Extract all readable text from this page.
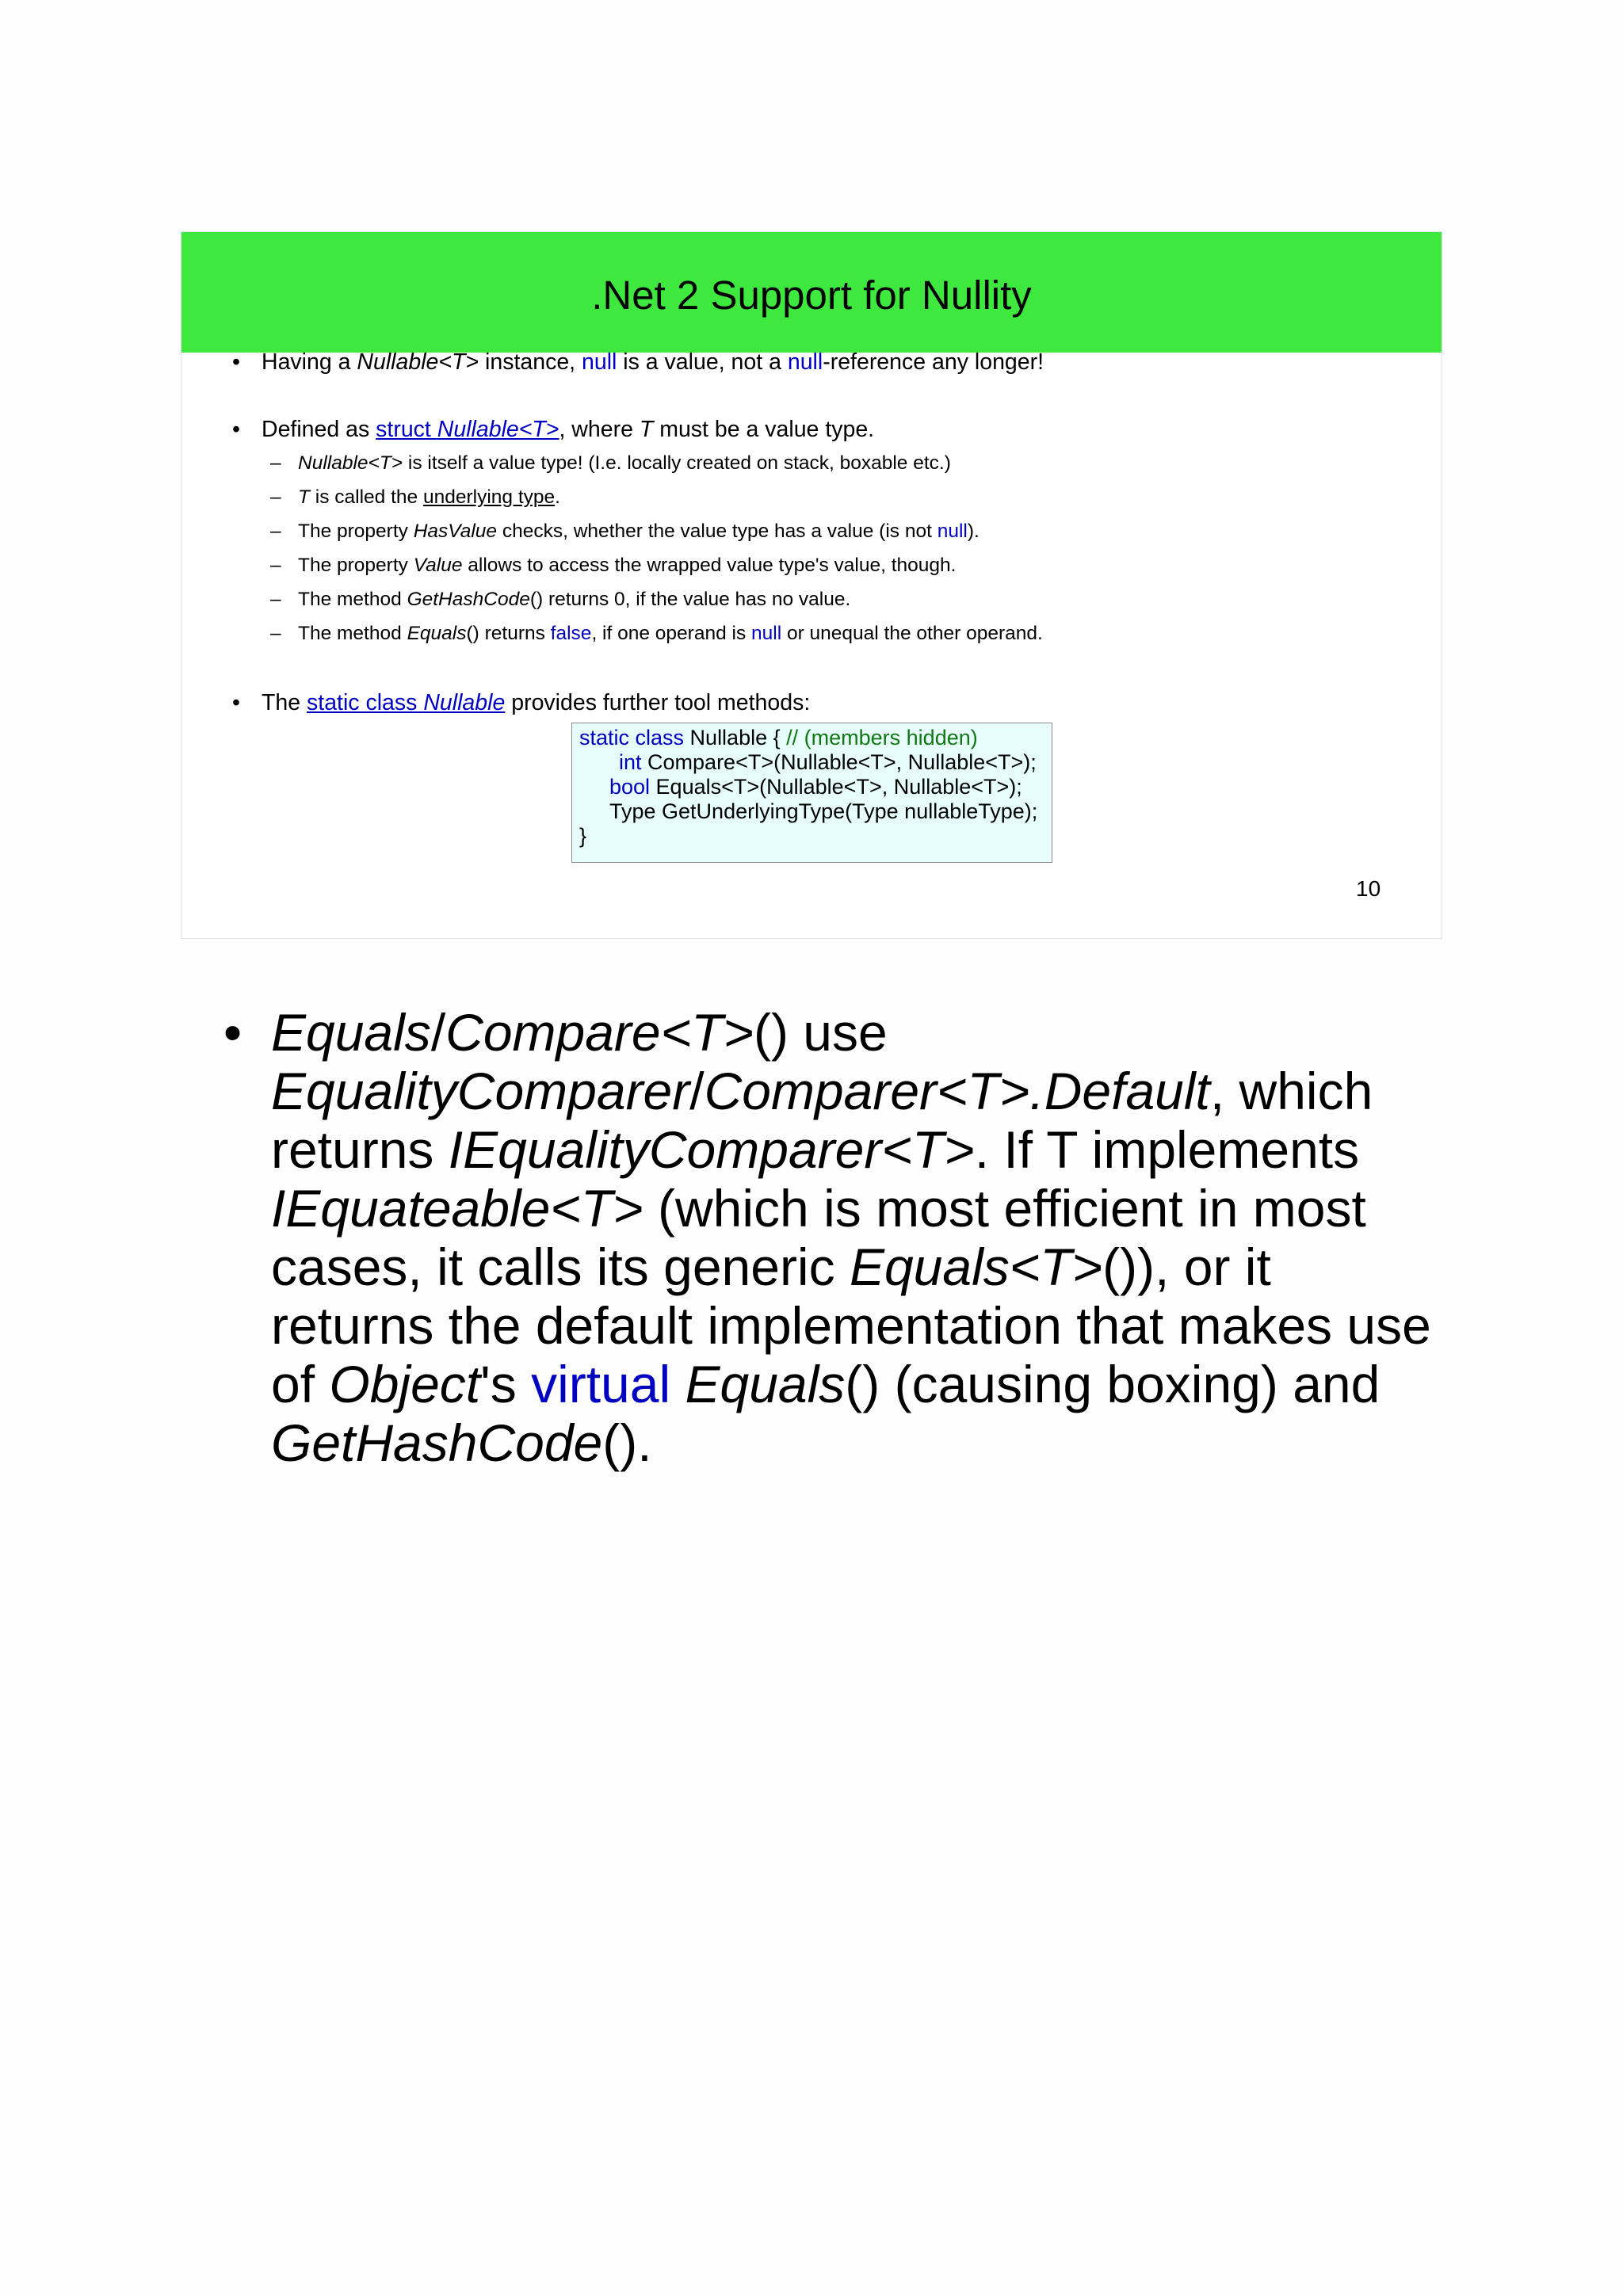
.Net 2 Support for Nullity
• Having a Nullable<T> instance, null is a value, not a null-reference any longer!
• Defined as struct Nullable<T>, where T must be a value type.
– Nullable<T> is itself a value type! (I.e. locally created on stack, boxable etc.)
– T is called the underlying type.
– The property HasValue checks, whether the value type has a value (is not null).
– The property Value allows to access the wrapped value type's value, though.
– The method GetHashCode() returns 0, if the value has no value.
– The method Equals() returns false, if one operand is null or unequal the other operand.
• The static class Nullable provides further tool methods:
static class Nullable { // (members hidden)
int Compare<T>(Nullable<T>, Nullable<T>);
bool Equals<T>(Nullable<T>, Nullable<T>);
Type GetUnderlyingType(Type nullableType);
}
10
• Equals/Compare<T>() use
EqualityComparer/Comparer<T>.Default, which
returns IEqualityComparer<T>. If T implements
IEquateable<T> (which is most efficient in most
cases, it calls its generic Equals<T>()), or it
returns the default implementation that makes use
of Object's virtual Equals() (causing boxing) and
GetHashCode().
